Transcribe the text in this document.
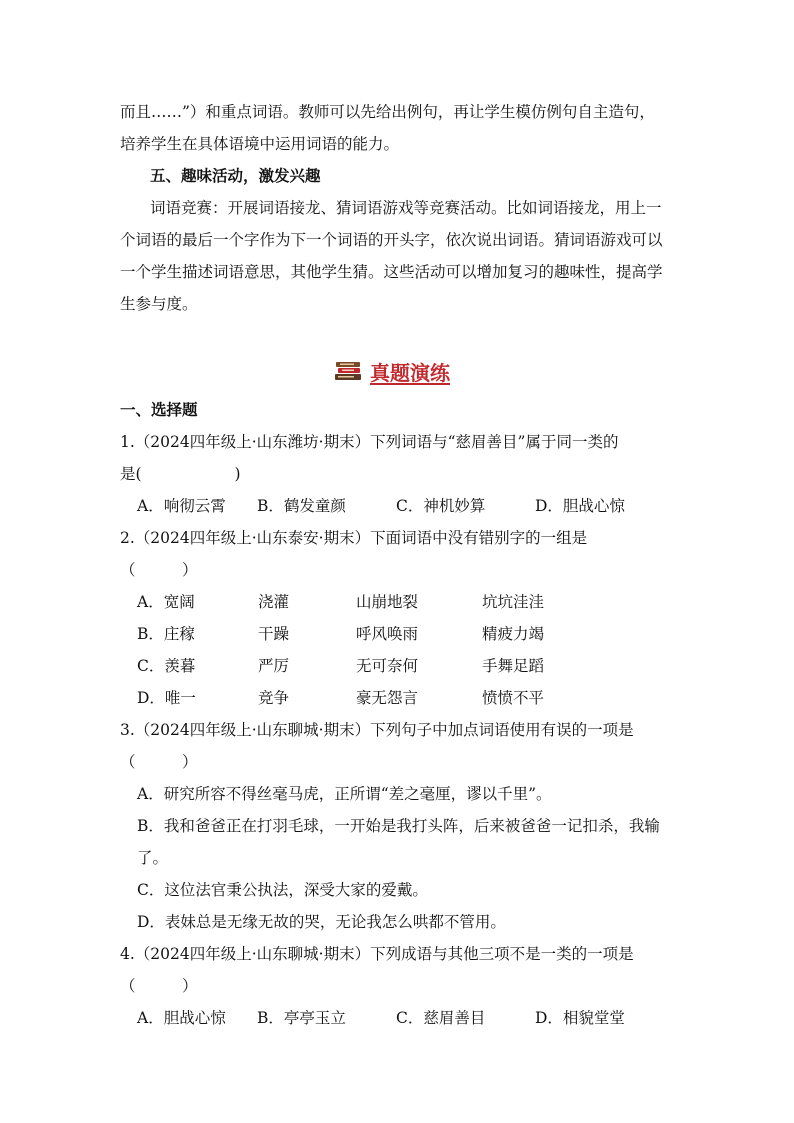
而且……”）和重点词语。教师可以先给出例句，再让学生模仿例句自主造句，
培养学生在具体语境中运用词语的能力。
五、趣味活动，激发兴趣
词语竞赛：开展词语接龙、猜词语游戏等竞赛活动。比如词语接龙，用上一
个词语的最后一个字作为下一个词语的开头字，依次说出词语。猜词语游戏可以
一个学生描述词语意思，其他学生猜。这些活动可以增加复习的趣味性，提高学
生参与度。
真题演练
一、选择题
1.（2024四年级上·山东潍坊·期末）下列词语与“慈眉善目”属于同一类的
是(　　　　　　)
A．响彻云霄 B．鹤发童颜	C．神机妙算	D．胆战心惊
2.（2024四年级上·山东泰安·期末）下面词语中没有错别字的一组是
（　　　）
A．宽阔	浇灌	山崩地裂	坑坑洼洼
B．庄稼	干躁	呼风唤雨	精疲力竭
C．羡暮	严厉	无可奈何	手舞足蹈
D．唯一	竞争	豪无怨言	愤愤不平
3.（2024四年级上·山东聊城·期末）下列句子中加点词语使用有误的一项是
（　　　）
A．研究所容不得丝毫马虎，正所谓“差之毫厘，谬以千里”。
B．我和爸爸正在打羽毛球，一开始是我打头阵，后来被爸爸一记扣杀，我输
了。
C．这位法官秉公执法，深受大家的爱戴。
D．表妹总是无缘无故的哭，无论我怎么哄都不管用。
4.（2024四年级上·山东聊城·期末）下列成语与其他三项不是一类的一项是
（　　　）
A．胆战心惊 B．亭亭玉立	C．慈眉善目	D．相貌堂堂
